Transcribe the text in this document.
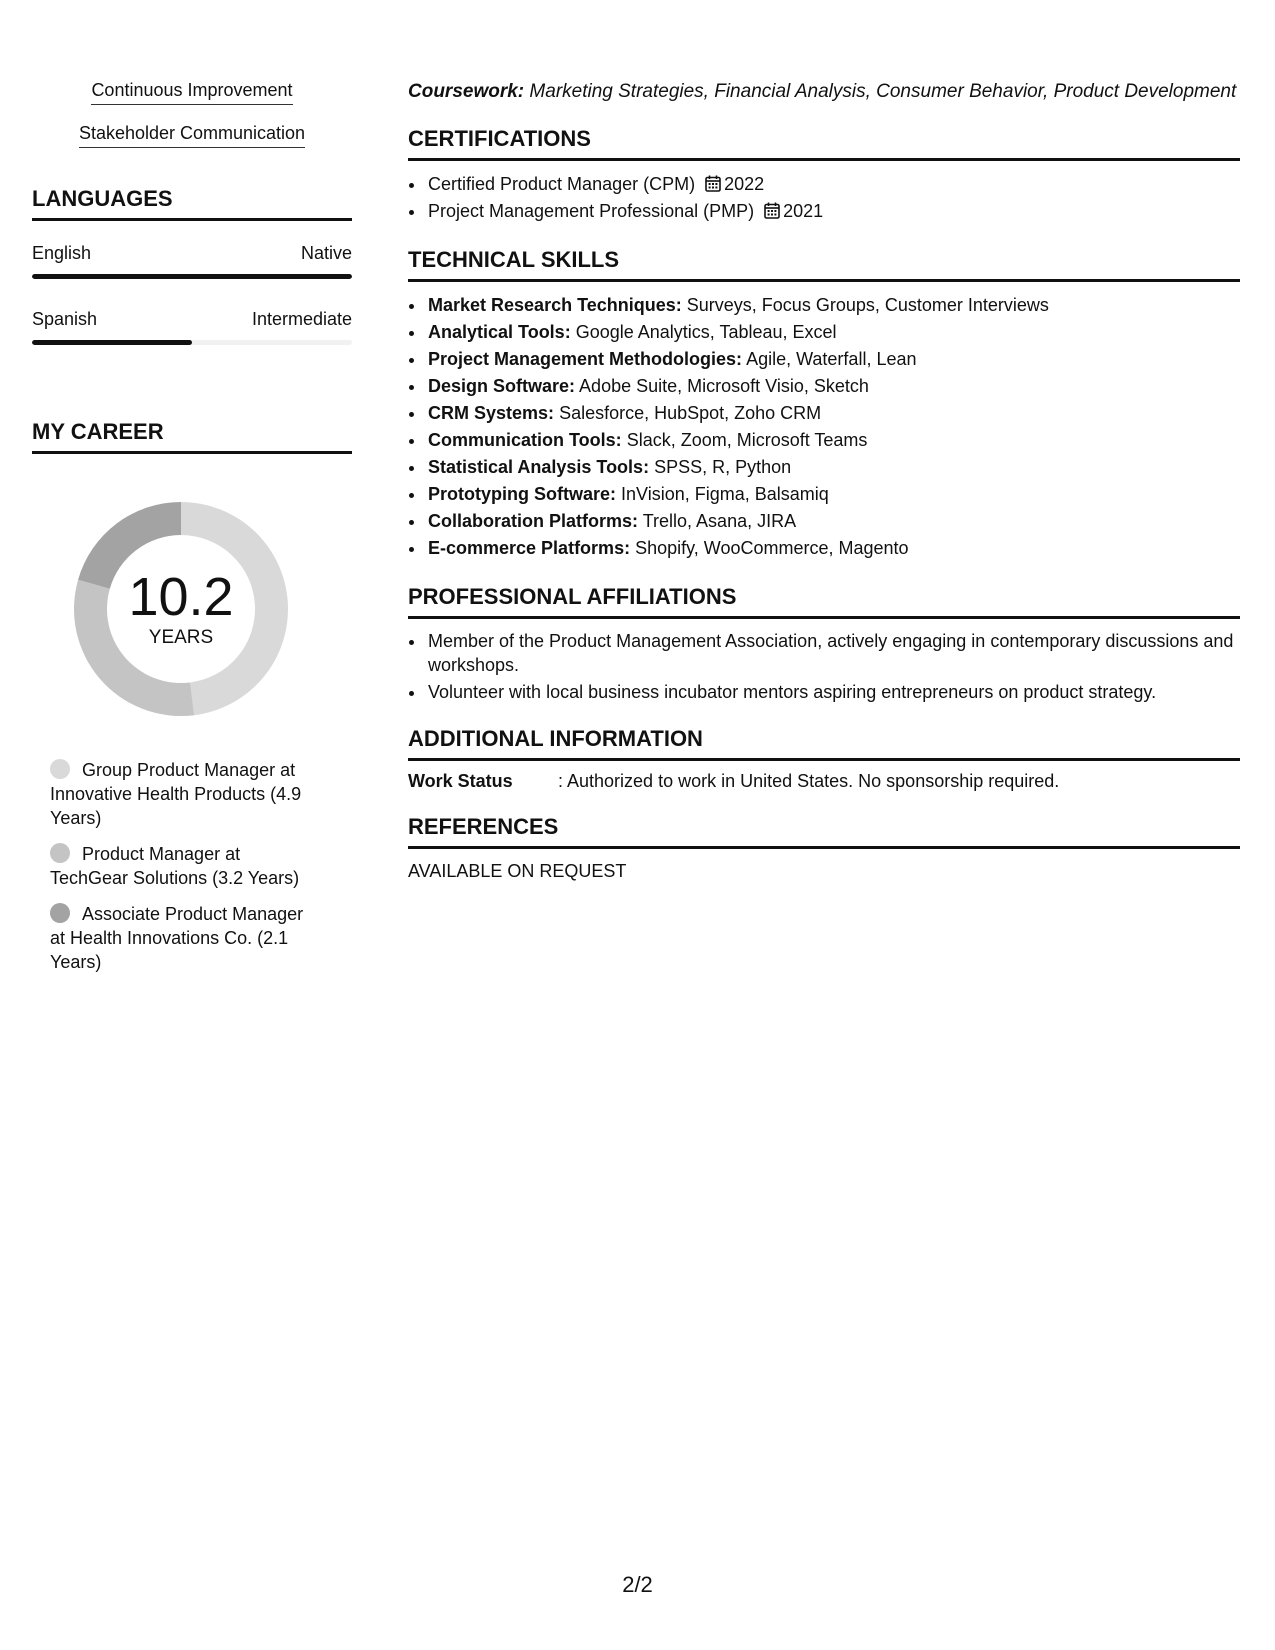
Continuous Improvement
Stakeholder Communication
LANGUAGES
English	Native
Spanish	Intermediate
MY CAREER
10.2
YEARS
Group Product Manager at Innovative Health Products (4.9 Years)
Product Manager at TechGear Solutions (3.2 Years)
Associate Product Manager at Health Innovations Co. (2.1 Years)
Coursework: Marketing Strategies, Financial Analysis, Consumer Behavior, Product Development
CERTIFICATIONS
• Certified Product Manager (CPM) 2022
• Project Management Professional (PMP) 2021
TECHNICAL SKILLS
• Market Research Techniques: Surveys, Focus Groups, Customer Interviews
• Analytical Tools: Google Analytics, Tableau, Excel
• Project Management Methodologies: Agile, Waterfall, Lean
• Design Software: Adobe Suite, Microsoft Visio, Sketch
• CRM Systems: Salesforce, HubSpot, Zoho CRM
• Communication Tools: Slack, Zoom, Microsoft Teams
• Statistical Analysis Tools: SPSS, R, Python
• Prototyping Software: InVision, Figma, Balsamiq
• Collaboration Platforms: Trello, Asana, JIRA
• E-commerce Platforms: Shopify, WooCommerce, Magento
PROFESSIONAL AFFILIATIONS
• Member of the Product Management Association, actively engaging in contemporary discussions and workshops.
• Volunteer with local business incubator mentors aspiring entrepreneurs on product strategy.
ADDITIONAL INFORMATION
Work Status	: Authorized to work in United States. No sponsorship required.
REFERENCES
AVAILABLE ON REQUEST
2/2
